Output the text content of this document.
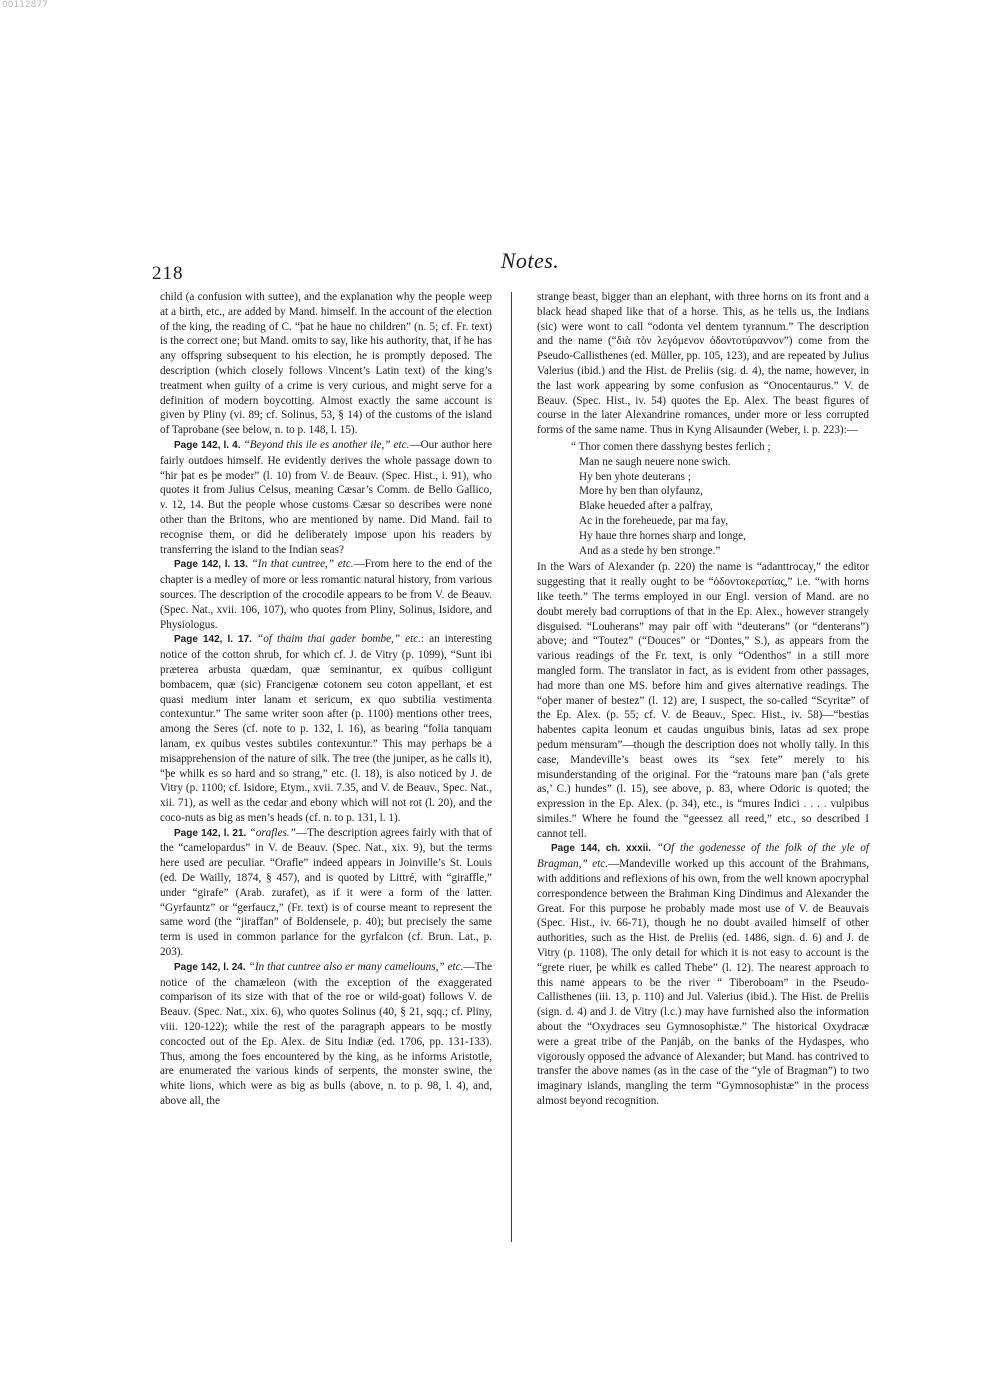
00112877
218
Notes.

child (a confusion with suttee), and the explanation why the people weep at a birth, etc., are added by Mand. himself. In the account of the election of the king, the reading of C. “þat he haue no children” (n. 5; cf. Fr. text) is the correct one; but Mand. omits to say, like his authority, that, if he has any offspring subsequent to his election, he is promptly deposed. The description (which closely follows Vincent’s Latin text) of the king’s treatment when guilty of a crime is very curious, and might serve for a definition of modern boycotting. Almost exactly the same account is given by Pliny (vi. 89; cf. Solinus, 53, § 14) of the customs of the island of Taprobane (see below, n. to p. 148, l. 15).

Page 142, l. 4. “Beyond this ile es another ile,” etc.—Our author here fairly outdoes himself. He evidently derives the whole passage down to “hir þat es þe moder” (l. 10) from V. de Beauv. (Spec. Hist., i. 91), who quotes it from Julius Celsus, meaning Cæsar’s Comm. de Bello Gallico, v. 12, 14. But the people whose customs Cæsar so describes were none other than the Britons, who are mentioned by name. Did Mand. fail to recognise them, or did he deliberately impose upon his readers by transferring the island to the Indian seas?

Page 142, l. 13. “In that cuntree,” etc.—From here to the end of the chapter is a medley of more or less romantic natural history, from various sources. The description of the crocodile appears to be from V. de Beauv. (Spec. Nat., xvii. 106, 107), who quotes from Pliny, Solinus, Isidore, and Physiologus.

Page 142, l. 17. “of thaim thai gader bombe,” etc.: an interesting notice of the cotton shrub, for which cf. J. de Vitry (p. 1099), “Sunt ibi præterea arbusta quædam, quæ seminantur, ex quibus colligunt bombacem, quæ (sic) Francigenæ cotonem seu coton appellant, et est quasi medium inter lanam et sericum, ex quo subtilia vestimenta contexuntur.” The same writer soon after (p. 1100) mentions other trees, among the Seres (cf. note to p. 132, l. 16), as bearing “folia tanquam lanam, ex quibus vestes subtiles contexuntur.” This may perhaps be a misapprehension of the nature of silk. The tree (the juniper, as he calls it), “þe whilk es so hard and so strang,” etc. (l. 18), is also noticed by J. de Vitry (p. 1100; cf. Isidore, Etym., xvii. 7.35, and V. de Beauv., Spec. Nat., xii. 71), as well as the cedar and ebony which will not rot (l. 20), and the coco-nuts as big as men’s heads (cf. n. to p. 131, l. 1).

Page 142, l. 21. “orafles.”—The description agrees fairly with that of the “camelopardus” in V. de Beauv. (Spec. Nat., xix. 9), but the terms here used are peculiar. “Orafle” indeed appears in Joinville’s St. Louis (ed. De Wailly, 1874, § 457), and is quoted by Littré, with “giraffle,” under “girafe” (Arab. zurafet), as if it were a form of the latter. “Gyrfauntz” or “gerfaucz,” (Fr. text) is of course meant to represent the same word (the “jiraffan” of Boldensele, p. 40); but precisely the same term is used in common parlance for the gyrfalcon (cf. Brun. Lat., p. 203).

Page 142, l. 24. “In that cuntree also er many cameliouns,” etc.—The notice of the chamæleon (with the exception of the exaggerated comparison of its size with that of the roe or wild-goat) follows V. de Beauv. (Spec. Nat., xix. 6), who quotes Solinus (40, § 21, sqq.; cf. Pliny, viii. 120-122); while the rest of the paragraph appears to be mostly concocted out of the Ep. Alex. de Situ Indiæ (ed. 1706, pp. 131-133). Thus, among the foes encountered by the king, as he informs Aristotle, are enumerated the various kinds of serpents, the monster swine, the white lions, which were as big as bulls (above, n. to p. 98, l. 4), and, above all, the

strange beast, bigger than an elephant, with three horns on its front and a black head shaped like that of a horse. This, as he tells us, the Indians (sic) were wont to call “odonta vel dentem tyrannum.” The description and the name (“διὰ τὸν λεγόμενον ὀδοντοτύραννον”) come from the Pseudo-Callisthenes (ed. Müller, pp. 105, 123), and are repeated by Julius Valerius (ibid.) and the Hist. de Preliis (sig. d. 4), the name, however, in the last work appearing by some confusion as “Onocentaurus.” V. de Beauv. (Spec. Hist., iv. 54) quotes the Ep. Alex. The beast figures of course in the later Alexandrine romances, under more or less corrupted forms of the same name. Thus in Kyng Alisaunder (Weber, i. p. 223):—

“ Thor comen there dasshyng bestes ferlich ;
Man ne saugh neuere none swich.
Hy ben yhote deuterans ;
More hy ben than olyfaunz,
Blake heueded after a palfray,
Ac in the foreheuede, par ma fay,
Hy haue thre hornes sharp and longe,
And as a stede hy ben stronge.”

In the Wars of Alexander (p. 220) the name is “adanttrocay,” the editor suggesting that it really ought to be “ὀδοντοκερατίας,” i.e. “with horns like teeth.” The terms employed in our Engl. version of Mand. are no doubt merely bad corruptions of that in the Ep. Alex., however strangely disguised. “Louherans” may pair off with “deuterans” (or “denterans”) above; and “Toutez” (“Douces” or “Dontes,” S.), as appears from the various readings of the Fr. text, is only “Odenthos” in a still more mangled form. The translator in fact, as is evident from other passages, had more than one MS. before him and gives alternative readings. The “oþer maner of bestez” (l. 12) are, I suspect, the so-called “Scyritæ” of the Ep. Alex. (p. 55; cf. V. de Beauv., Spec. Hist., iv. 58)—“bestias habentes capita leonum et caudas unguibus binis, latas ad sex prope pedum mensuram”—though the description does not wholly tally. In this case, Mandeville’s beast owes its “sex fete” merely to his misunderstanding of the original. For the “ratouns mare þan (‘als grete as,’ C.) hundes” (l. 15), see above, p. 83, where Odoric is quoted; the expression in the Ep. Alex. (p. 34), etc., is “mures Indici . . . . vulpibus similes.” Where he found the “geessez all reed,” etc., so described I cannot tell.

Page 144, ch. xxxii. “Of the godenesse of the folk of the yle of Bragman,” etc.—Mandeville worked up this account of the Brahmans, with additions and reflexions of his own, from the well known apocryphal correspondence between the Brahman King Dindimus and Alexander the Great. For this purpose he probably made most use of V. de Beauvais (Spec. Hist., iv. 66-71), though he no doubt availed himself of other authorities, such as the Hist. de Preliis (ed. 1486, sign. d. 6) and J. de Vitry (p. 1108). The only detail for which it is not easy to account is the “grete riuer, þe whilk es called Thebe” (l. 12). The nearest approach to this name appears to be the river “ Tiberoboam” in the Pseudo-Callisthenes (iii. 13, p. 110) and Jul. Valerius (ibid.). The Hist. de Preliis (sign. d. 4) and J. de Vitry (l.c.) may have furnished also the information about the “Oxydraces seu Gymnosophistæ.” The historical Oxydracæ were a great tribe of the Panjáb, on the banks of the Hydaspes, who vigorously opposed the advance of Alexander; but Mand. has contrived to transfer the above names (as in the case of the “yle of Bragman”) to two imaginary islands, mangling the term “Gymnosophistæ” in the process almost beyond recognition.
